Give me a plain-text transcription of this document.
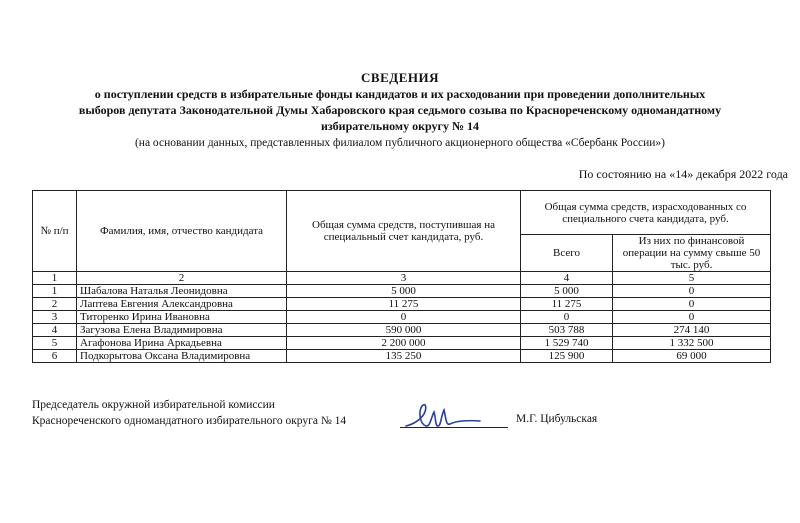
СВЕДЕНИЯ
о поступлении средств в избирательные фонды кандидатов и их расходовании при проведении дополнительных
выборов депутата Законодательной Думы Хабаровского края седьмого созыва по Краснореченскому одномандатному
избирательному округу № 14
(на основании данных, представленных филиалом публичного акционерного общества «Сбербанк России»)
По состоянию на «14» декабря 2022 года
№ п/п	Фамилия, имя, отчество кандидата	Общая сумма средств, поступившая на специальный счет кандидата, руб.	Общая сумма средств, израсходованных со специального счета кандидата, руб.	
			Всего	Из них по финансовой операции на сумму свыше 50 тыс. руб.
1	2	3	4	5
1	Шабалова Наталья Леонидовна	5 000	5 000	0
2	Лаптева Евгения Александровна	11 275	11 275	0
3	Титоренко Ирина Ивановна	0	0	0
4	Загузова Елена Владимировна	590 000	503 788	274 140
5	Агафонова Ирина Аркадьевна	2 200 000	1 529 740	1 332 500
6	Подкорытова Оксана Владимировна	135 250	125 900	69 000
Председатель окружной избирательной комиссии
Краснореченского одномандатного избирательного округа № 14	М.Г. Цибульская
